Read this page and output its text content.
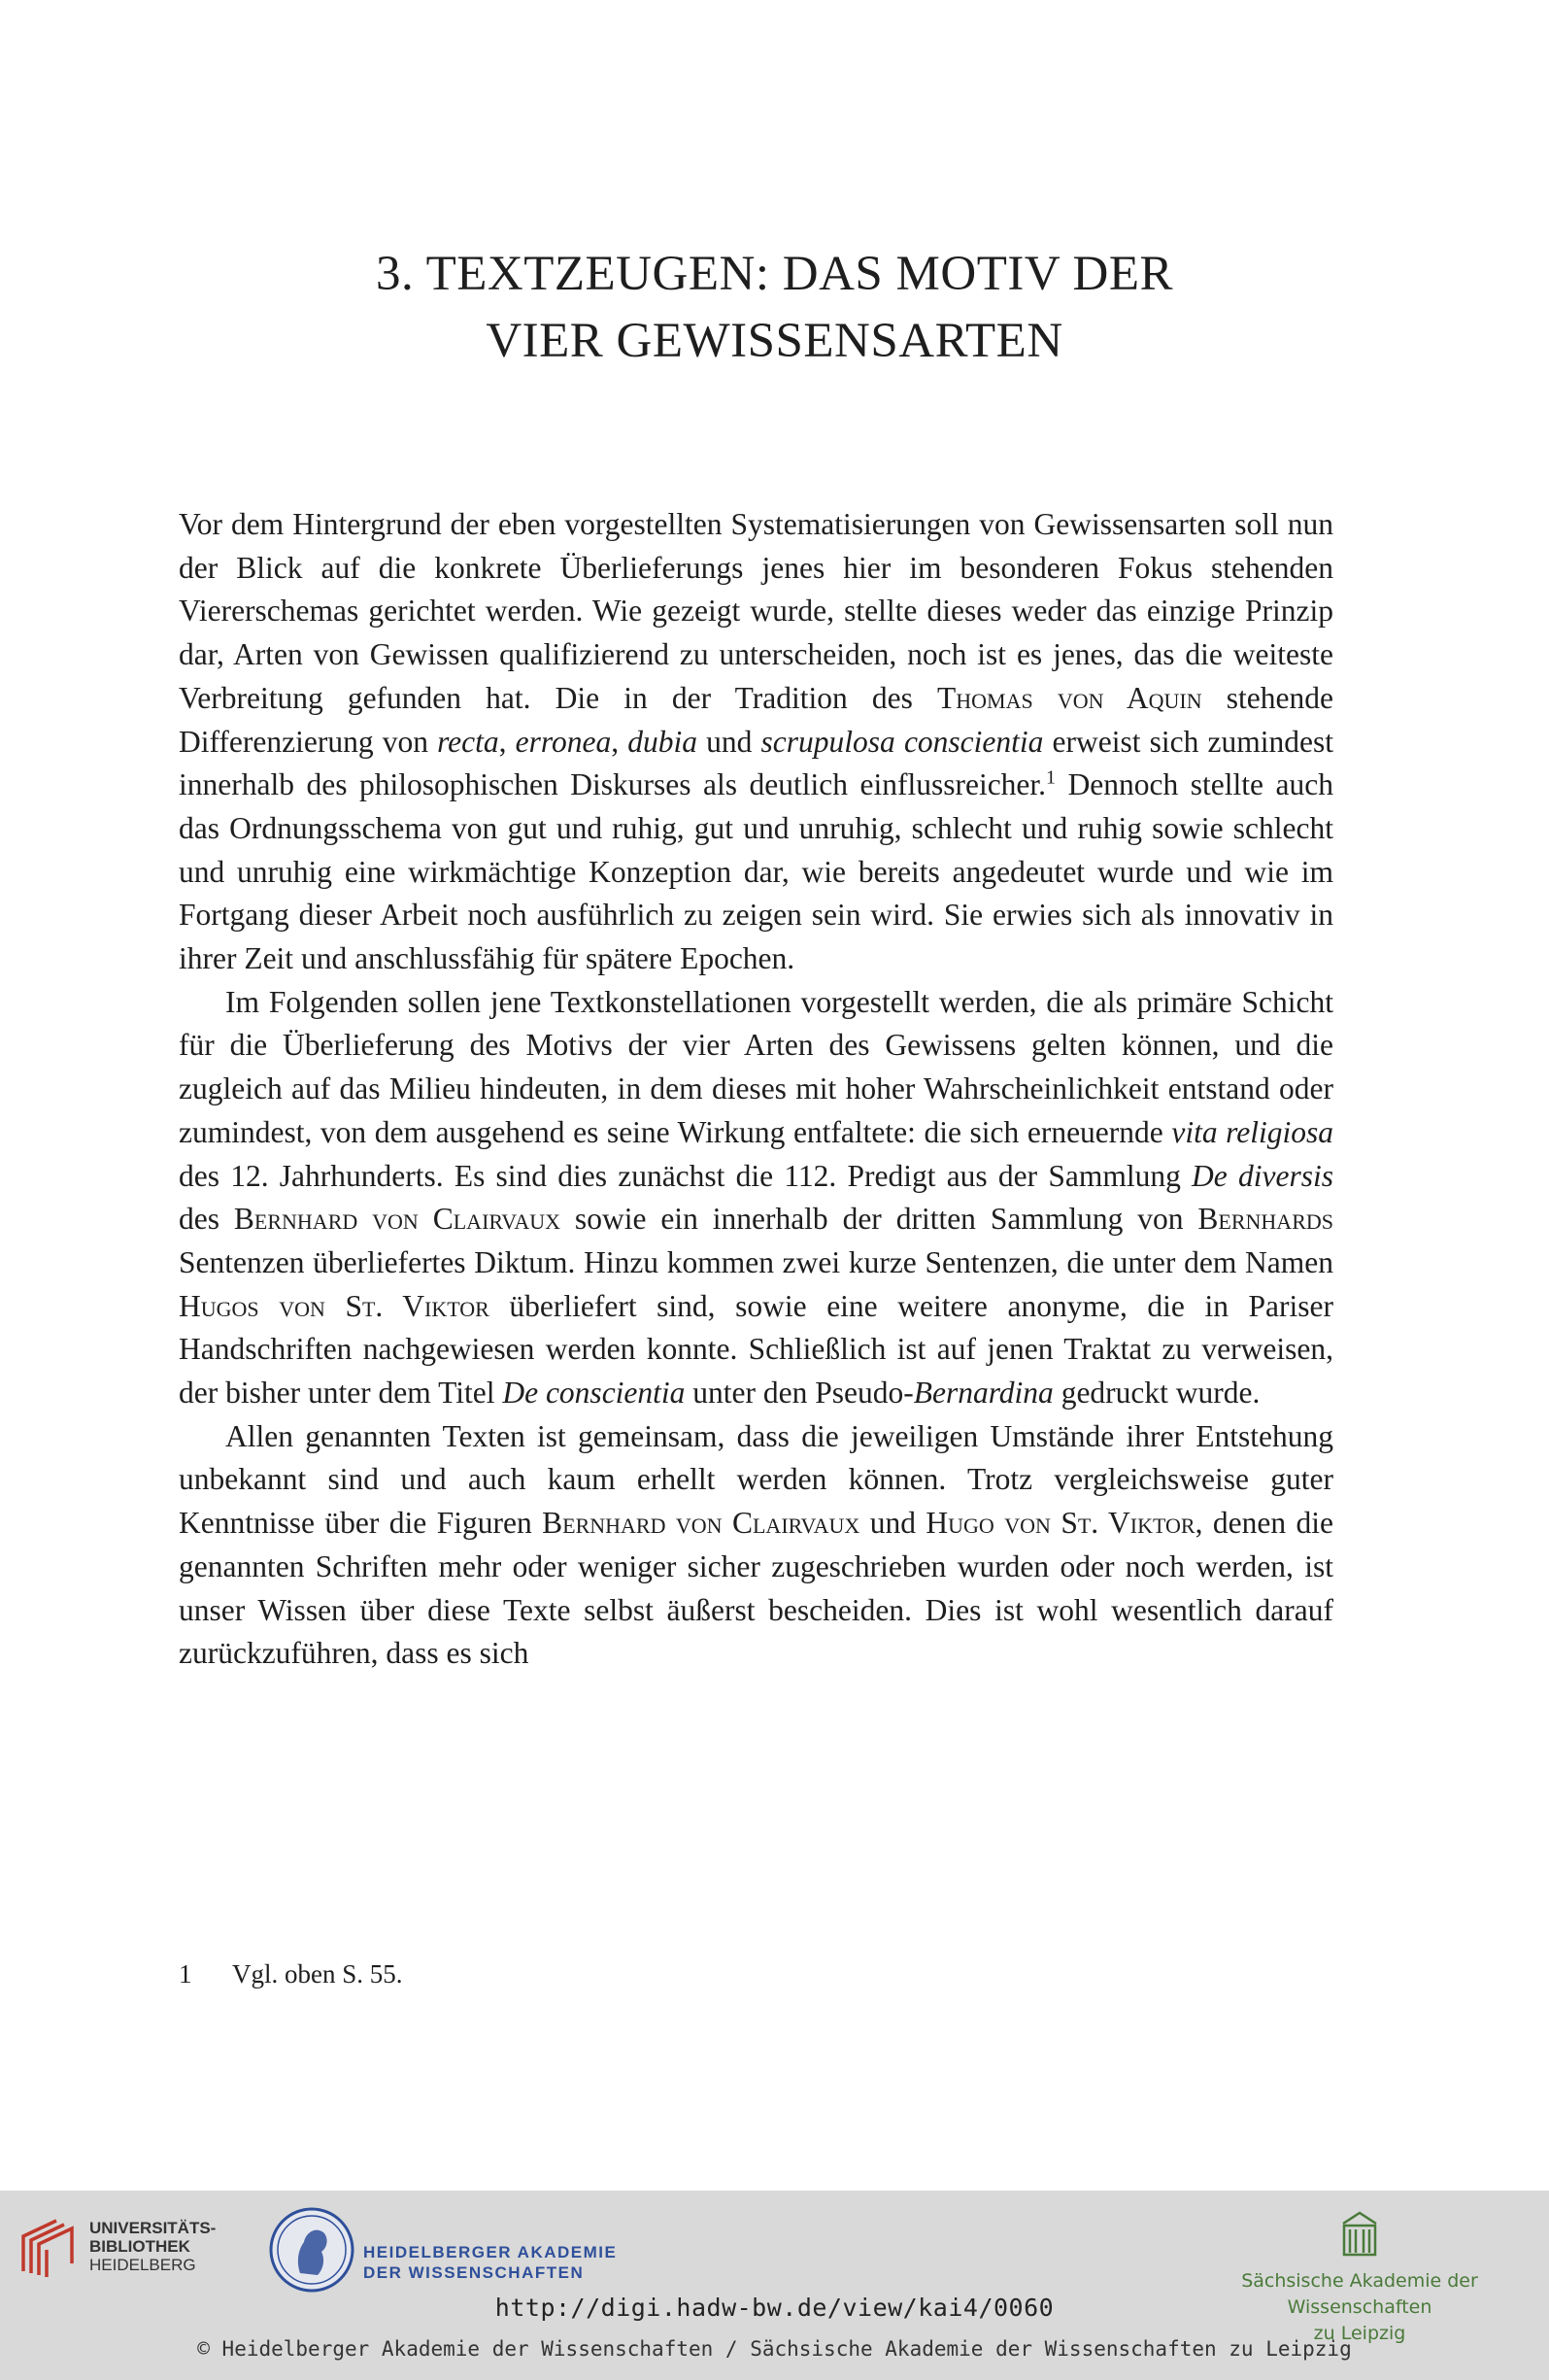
3. TEXTZEUGEN: DAS MOTIV DER
VIER GEWISSENSARTEN

Vor dem Hintergrund der eben vorgestellten Systematisierungen von Gewissensarten soll nun der Blick auf die konkrete Überlieferungs jenes hier im besonderen Fokus stehenden Viererschemas gerichtet werden. Wie gezeigt wurde, stellte dieses weder das einzige Prinzip dar, Arten von Gewissen qualifizierend zu unterscheiden, noch ist es jenes, das die weiteste Verbreitung gefunden hat. Die in der Tradition des Thomas von Aquin stehende Differenzierung von recta, erronea, dubia und scrupulosa conscientia erweist sich zumindest innerhalb des philosophischen Diskurses als deutlich einflussreicher.$^1$ Dennoch stellte auch das Ordnungsschema von gut und ruhig, gut und unruhig, schlecht und ruhig sowie schlecht und unruhig eine wirkmächtige Konzeption dar, wie bereits angedeutet wurde und wie im Fortgang dieser Arbeit noch ausführlich zu zeigen sein wird. Sie erwies sich als innovativ in ihrer Zeit und anschlussfähig für spätere Epochen.

Im Folgenden sollen jene Textkonstellationen vorgestellt werden, die als primäre Schicht für die Überlieferung des Motivs der vier Arten des Gewissens gelten können, und die zugleich auf das Milieu hindeuten, in dem dieses mit hoher Wahrscheinlichkeit entstand oder zumindest, von dem ausgehend es seine Wirkung entfaltete: die sich erneuernde vita religiosa des 12. Jahrhunderts. Es sind dies zunächst die 112. Predigt aus der Sammlung De diversis des Bernhard von Clairvaux sowie ein innerhalb der dritten Sammlung von Bernhards Sentenzen überliefertes Diktum. Hinzu kommen zwei kurze Sentenzen, die unter dem Namen Hugos von St. Viktor überliefert sind, sowie eine weitere anonyme, die in Pariser Handschriften nachgewiesen werden konnte. Schließlich ist auf jenen Traktat zu verweisen, der bisher unter dem Titel De conscientia unter den Pseudo-Bernardina gedruckt wurde.

Allen genannten Texten ist gemeinsam, dass die jeweiligen Umstände ihrer Entstehung unbekannt sind und auch kaum erhellt werden können. Trotz vergleichsweise guter Kenntnisse über die Figuren Bernhard von Clairvaux und Hugo von St. Viktor, denen die genannten Schriften mehr oder weniger sicher zugeschrieben wurden oder noch werden, ist unser Wissen über diese Texte selbst äußerst bescheiden. Dies ist wohl wesentlich darauf zurückzuführen, dass es sich

1 Vgl. oben S. 55.
UNIVERSITÄTS-
BIBLIOTHEK
HEIDELBERG
HEIDELBERGER AKADEMIE
DER WISSENSCHAFTEN	Sächsische Akademie der Wissenschaften
zu Leipzig
http://digi.hadw-bw.de/view/kai4/0060
© Heidelberger Akademie der Wissenschaften / Sächsische Akademie der Wissenschaften zu Leipzig
